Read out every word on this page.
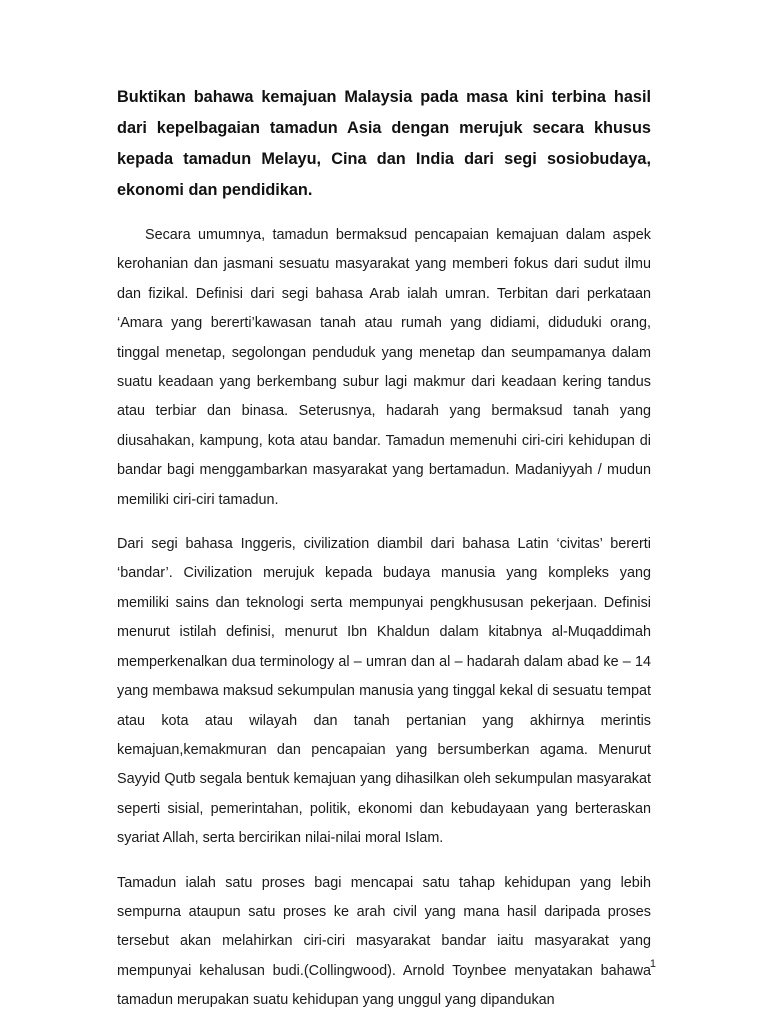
Buktikan bahawa kemajuan Malaysia pada masa kini terbina hasil dari kepelbagaian tamadun Asia dengan merujuk secara khusus kepada tamadun Melayu, Cina dan India dari segi sosiobudaya, ekonomi dan pendidikan.

Secara umumnya, tamadun bermaksud pencapaian kemajuan dalam aspek kerohanian dan jasmani sesuatu masyarakat yang memberi fokus dari sudut ilmu dan fizikal. Definisi dari segi bahasa Arab ialah umran. Terbitan dari perkataan ‘Amara yang bererti’kawasan tanah atau rumah yang didiami, diduduki orang, tinggal menetap, segolongan penduduk yang menetap dan seumpamanya dalam suatu keadaan yang berkembang subur lagi makmur dari keadaan kering tandus atau terbiar dan binasa. Seterusnya, hadarah yang bermaksud tanah yang diusahakan, kampung, kota atau bandar. Tamadun memenuhi ciri-ciri kehidupan di bandar bagi menggambarkan masyarakat yang bertamadun. Madaniyyah / mudun memiliki ciri-ciri tamadun.

Dari segi bahasa Inggeris, civilization diambil dari bahasa Latin ‘civitas’ bererti ‘bandar’. Civilization merujuk kepada budaya manusia yang kompleks yang memiliki sains dan teknologi serta mempunyai pengkhususan pekerjaan. Definisi menurut istilah definisi, menurut Ibn Khaldun dalam kitabnya al-Muqaddimah memperkenalkan dua terminology al – umran dan al – hadarah dalam abad ke – 14 yang membawa maksud sekumpulan manusia yang tinggal kekal di sesuatu tempat atau kota atau wilayah dan tanah pertanian yang akhirnya merintis kemajuan,kemakmuran dan pencapaian yang bersumberkan agama. Menurut Sayyid Qutb segala bentuk kemajuan yang dihasilkan oleh sekumpulan masyarakat seperti sisial, pemerintahan, politik, ekonomi dan kebudayaan yang berteraskan syariat Allah, serta bercirikan nilai-nilai moral Islam.

Tamadun ialah satu proses bagi mencapai satu tahap kehidupan yang lebih sempurna ataupun satu proses ke arah civil yang mana hasil daripada proses tersebut akan melahirkan ciri-ciri masyarakat bandar iaitu masyarakat yang mempunyai kehalusan budi.(Collingwood). Arnold Toynbee menyatakan bahawa tamadun merupakan suatu kehidupan yang unggul yang dipandukan

1
